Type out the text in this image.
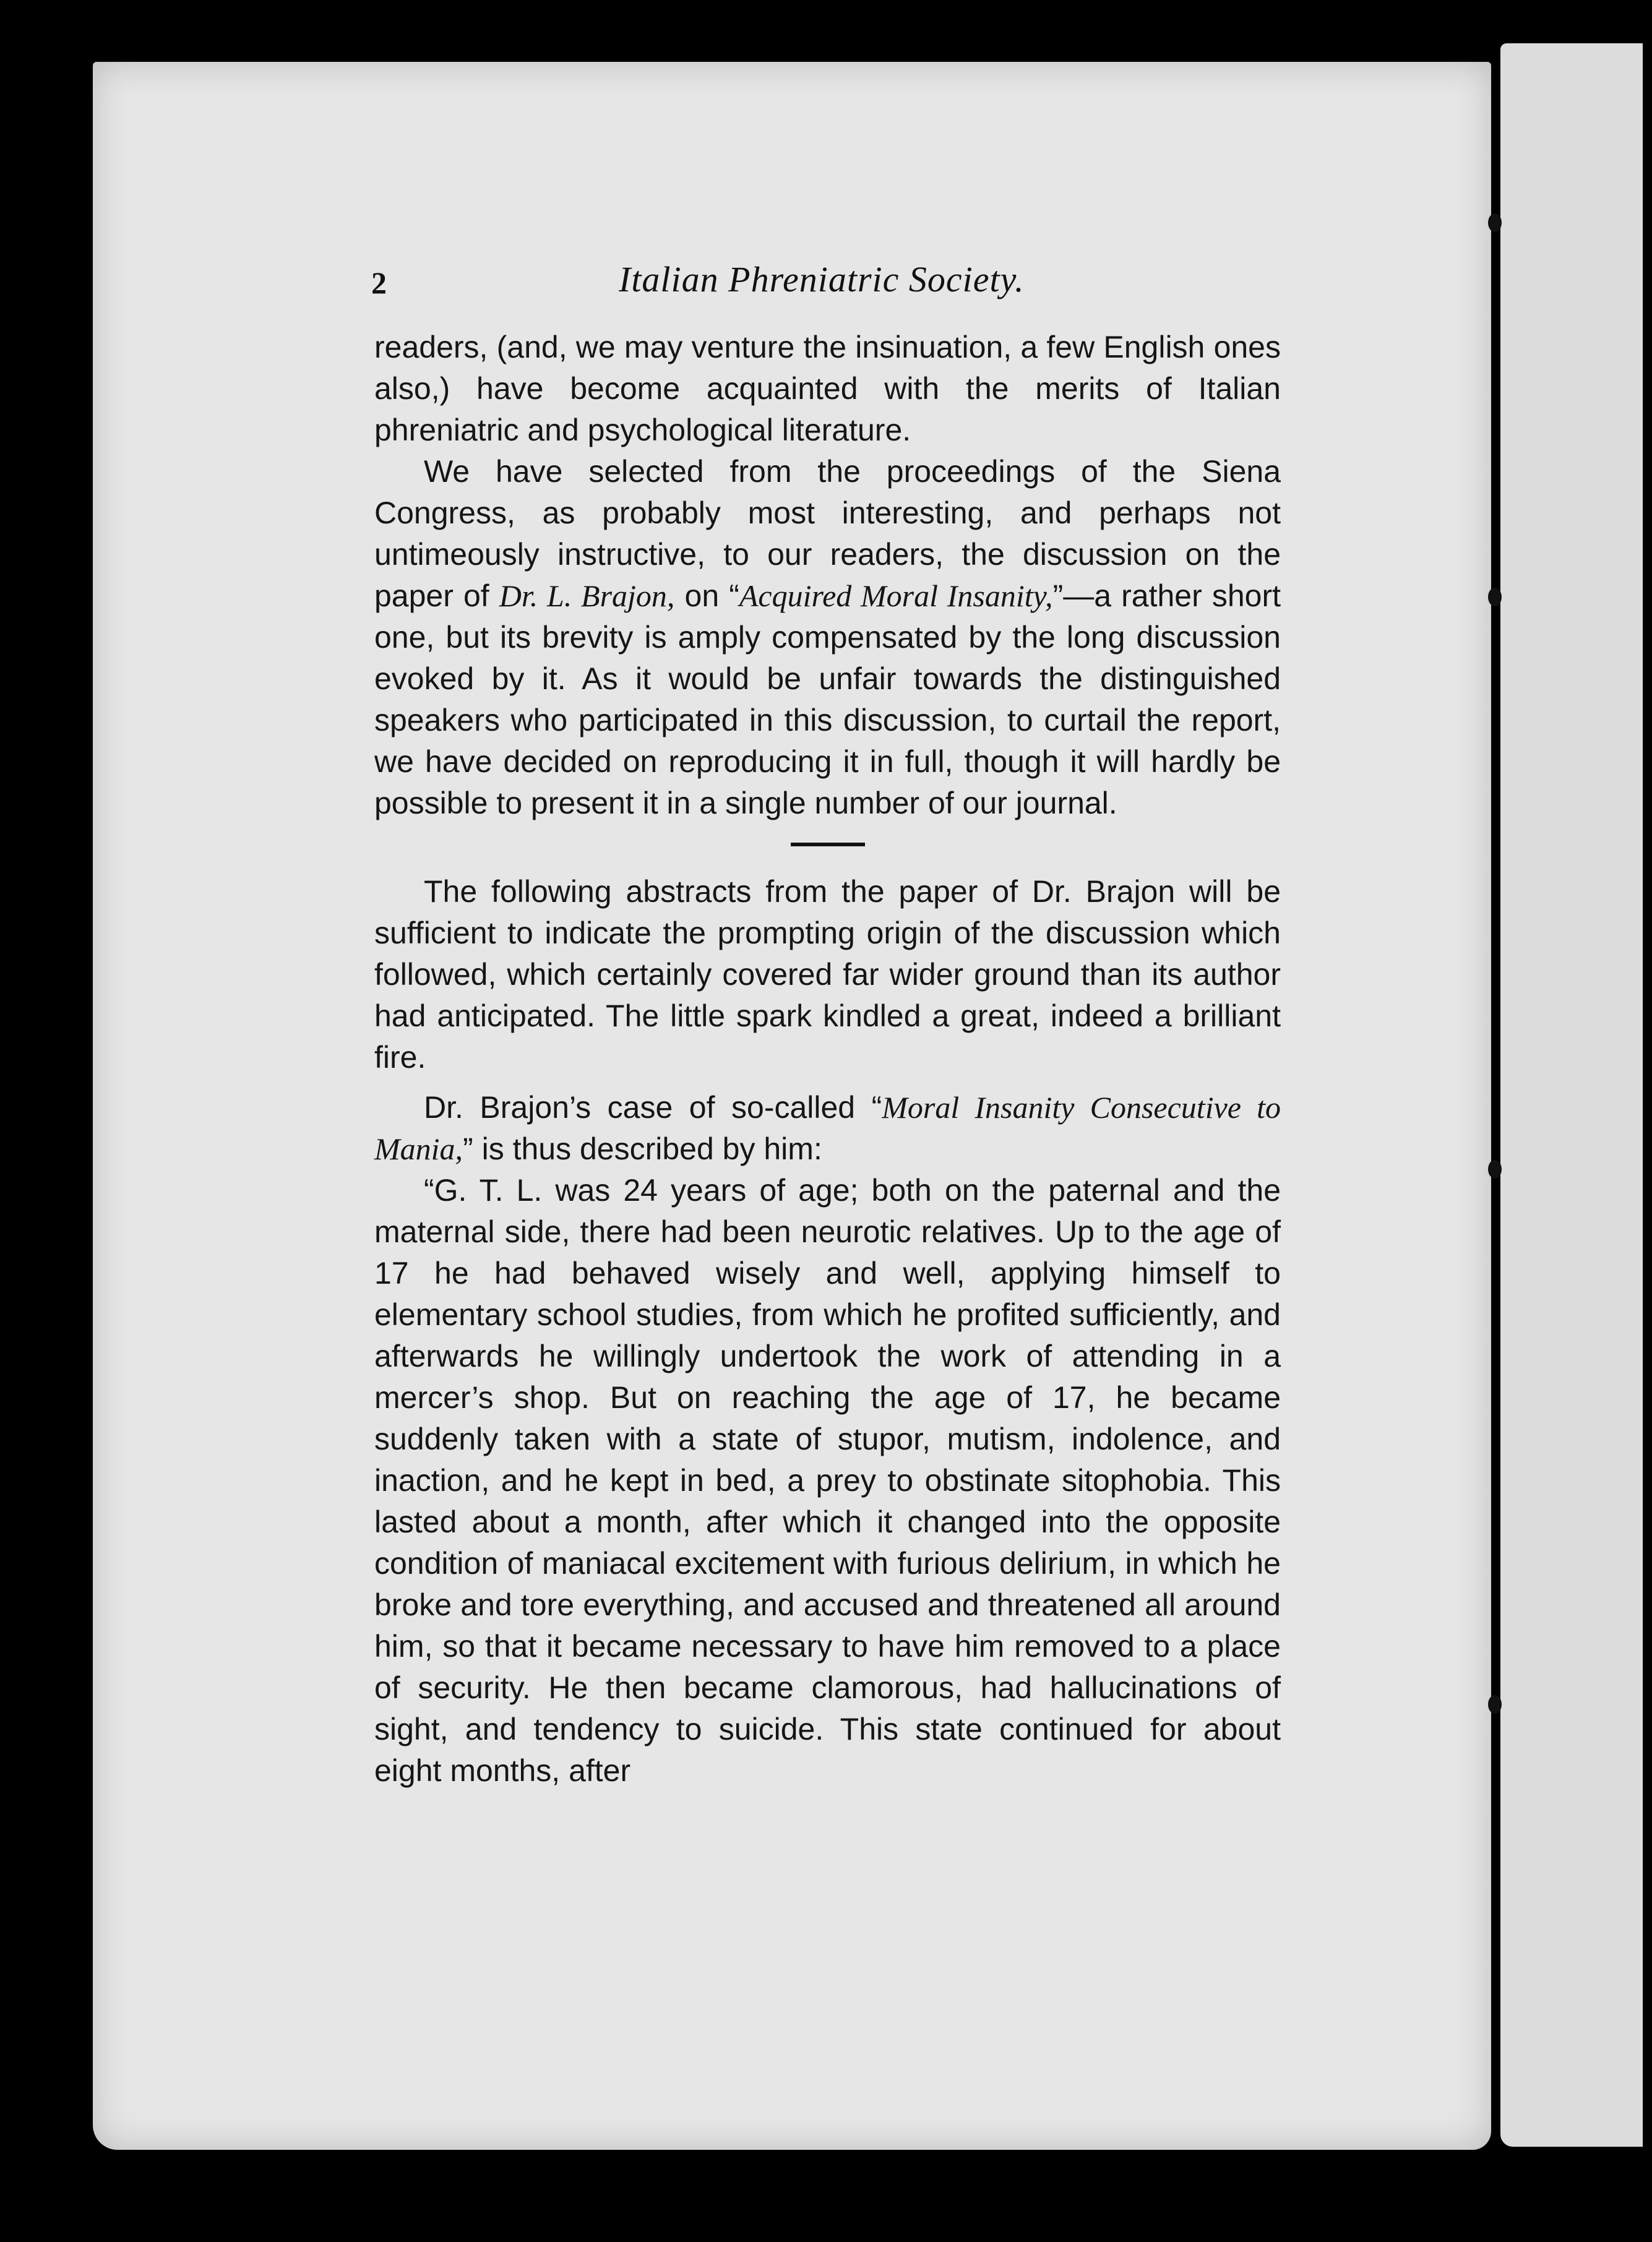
2	Italian Phreniatric Society.

readers, (and, we may venture the insinuation, a few English ones also,) have become acquainted with the merits of Italian phreniatric and psychological literature.

We have selected from the proceedings of the Siena Congress, as probably most interesting, and perhaps not untimeously instructive, to our readers, the discussion on the paper of Dr. L. Brajon, on “Acquired Moral Insanity,”—a rather short one, but its brevity is amply compensated by the long discussion evoked by it. As it would be unfair towards the distinguished speakers who participated in this discussion, to curtail the report, we have decided on reproducing it in full, though it will hardly be possible to present it in a single number of our journal.

The following abstracts from the paper of Dr. Brajon will be sufficient to indicate the prompting origin of the discussion which followed, which certainly covered far wider ground than its author had anticipated. The little spark kindled a great, indeed a brilliant fire.

Dr. Brajon’s case of so-called “Moral Insanity Consecutive to Mania,” is thus described by him:

“G. T. L. was 24 years of age; both on the paternal and the maternal side, there had been neurotic relatives. Up to the age of 17 he had behaved wisely and well, applying himself to elementary school studies, from which he profited sufficiently, and afterwards he willingly undertook the work of attending in a mercer’s shop. But on reaching the age of 17, he became suddenly taken with a state of stupor, mutism, indolence, and inaction, and he kept in bed, a prey to obstinate sitophobia. This lasted about a month, after which it changed into the opposite condition of maniacal excitement with furious delirium, in which he broke and tore everything, and accused and threatened all around him, so that it became necessary to have him removed to a place of security. He then became clamorous, had hallucinations of sight, and tendency to suicide. This state continued for about eight months, after
